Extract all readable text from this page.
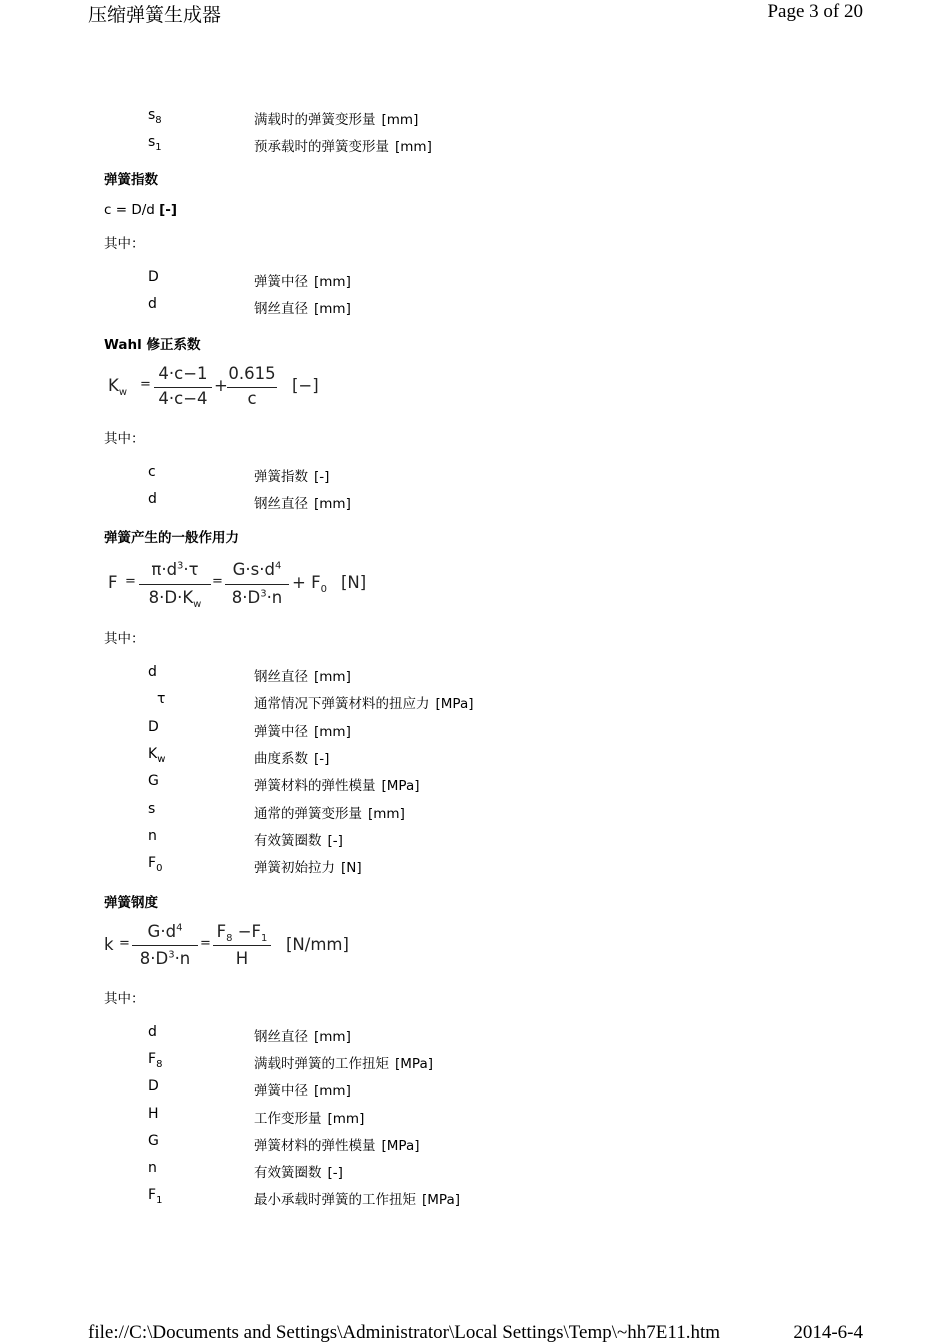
压缩弹簧生成器	Page 3 of 20
$s_8$	满载时的弹簧变形量 [mm]
$s_1$	预承载时的弹簧变形量 [mm]
弹簧指数
c = D/d [-]
其中：
D	弹簧中径 [mm]
d	钢丝直径 [mm]
Wahl 修正系数
$K_w$
=
4·c−1
4·c−4
+
0.615
c
[−]
其中：
c	弹簧指数 [-]
d	钢丝直径 [mm]
弹簧产生的一般作用力
F =
$\pi\cdot d^3\cdot\tau$
$8\cdot D\cdot K_w$
=
$G\cdot s\cdot d^4$
$8\cdot D^3\cdot n$
+ $F_0$ [N]
其中：
d	钢丝直径 [mm]
τ	通常情况下弹簧材料的扭应力 [MPa]
D	弹簧中径 [mm]
$K_w$	曲度系数 [-]
G	弹簧材料的弹性模量 [MPa]
s	通常的弹簧变形量 [mm]
n	有效簧圈数 [-]
$F_0$	弹簧初始拉力 [N]
弹簧钢度
k =
$G\cdot d^4$
$8\cdot D^3\cdot n$
=
$F_8 -F_1$
H
[N/mm]
其中：
d	钢丝直径 [mm]
$F_8$	满载时弹簧的工作扭矩 [MPa]
D	弹簧中径 [mm]
H	工作变形量 [mm]
G	弹簧材料的弹性模量 [MPa]
n	有效簧圈数 [-]
$F_1$	最小承载时弹簧的工作扭矩 [MPa]
file://C:\Documents and Settings\Administrator\Local Settings\Temp\~hh7E11.htm	2014-6-4
